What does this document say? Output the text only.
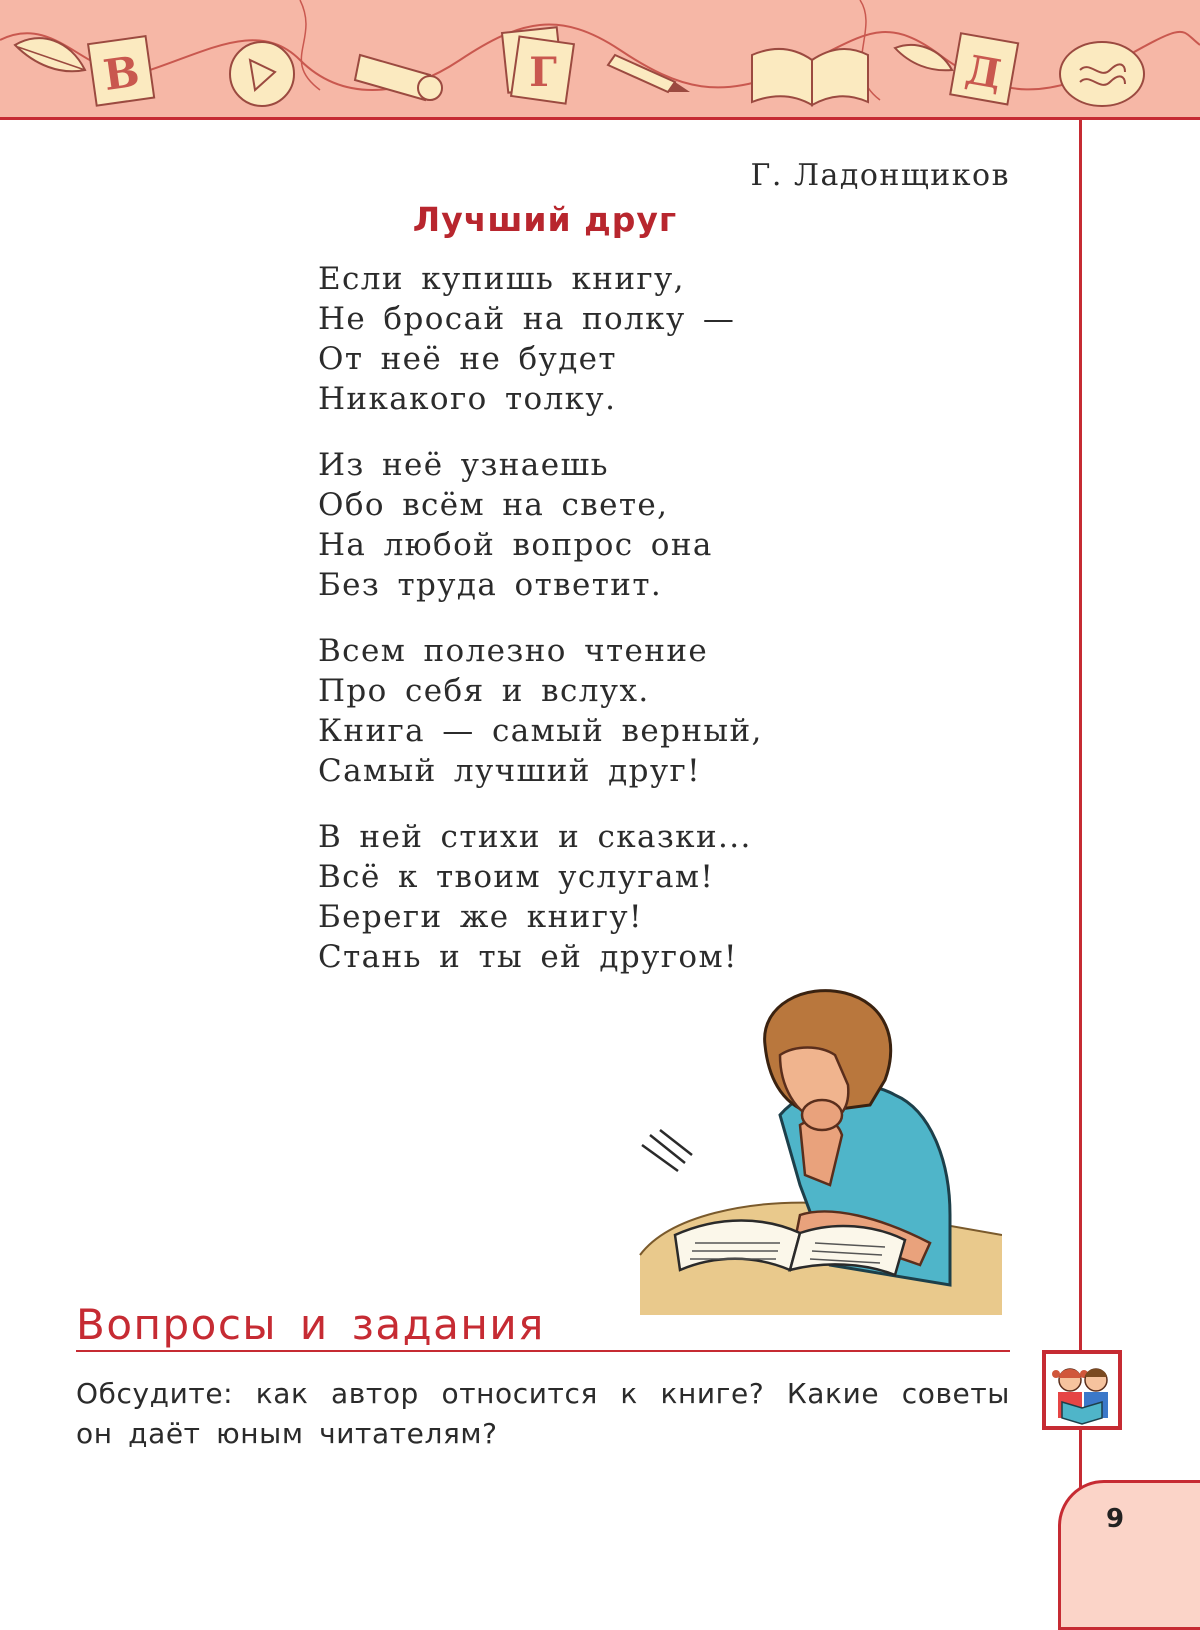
В	Г	Д
Г. Ладонщиков
Лучший друг
Если купишь книгу,
Не бросай на полку —
От неё не будет
Никакого толку.
Из неё узнаешь
Обо всём на свете,
На любой вопрос она
Без труда ответит.
Всем полезно чтение
Про себя и вслух.
Книга — самый верный,
Самый лучший друг!
В ней стихи и сказки...
Всё к твоим услугам!
Береги же книгу!
Стань и ты ей другом!
Вопросы и задания
Обсудите: как автор относится к книге? Какие советы он даёт юным читателям?
9
